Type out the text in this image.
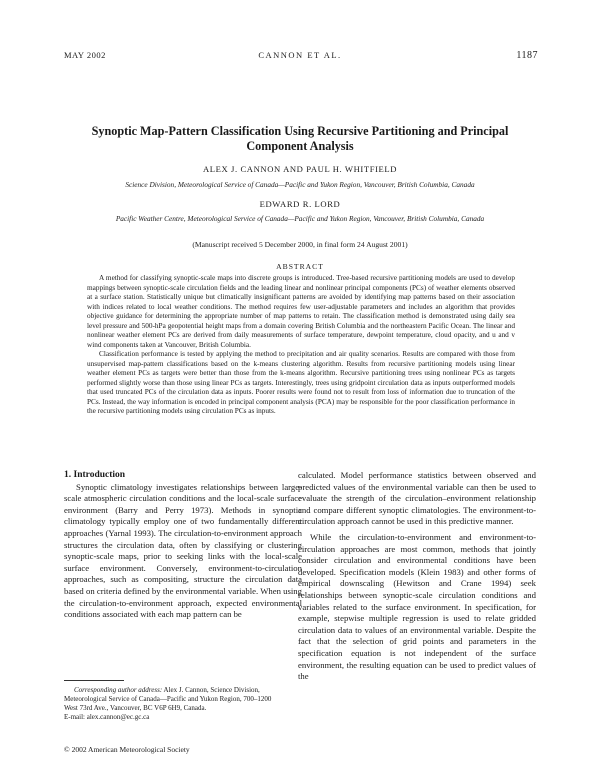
MAY 2002	CANNON ET AL.	1187
Synoptic Map-Pattern Classification Using Recursive Partitioning and Principal Component Analysis
ALEX J. CANNON AND PAUL H. WHITFIELD
Science Division, Meteorological Service of Canada—Pacific and Yukon Region, Vancouver, British Columbia, Canada
EDWARD R. LORD
Pacific Weather Centre, Meteorological Service of Canada—Pacific and Yukon Region, Vancouver, British Columbia, Canada
(Manuscript received 5 December 2000, in final form 24 August 2001)
ABSTRACT

A method for classifying synoptic-scale maps into discrete groups is introduced. Tree-based recursive partitioning models are used to develop mappings between synoptic-scale circulation fields and the leading linear and nonlinear principal components (PCs) of weather elements observed at a surface station. Statistically unique but climatically insignificant patterns are avoided by identifying map patterns based on their association with indices related to local weather conditions. The method requires few user-adjustable parameters and includes an algorithm that provides objective guidance for determining the appropriate number of map patterns to retain. The classification method is demonstrated using daily sea level pressure and 500-hPa geopotential height maps from a domain covering British Columbia and the northeastern Pacific Ocean. The linear and nonlinear weather element PCs are derived from daily measurements of surface temperature, dewpoint temperature, cloud opacity, and u and v wind components taken at Vancouver, British Columbia.

Classification performance is tested by applying the method to precipitation and air quality scenarios. Results are compared with those from unsupervised map-pattern classifications based on the k-means clustering algorithm. Results from recursive partitioning models using linear weather element PCs as targets were better than those from the k-means algorithm. Recursive partitioning trees using nonlinear PCs as targets performed slightly worse than those using linear PCs as targets. Interestingly, trees using gridpoint circulation data as inputs outperformed models that used truncated PCs of the circulation data as inputs. Poorer results were found not to result from loss of information due to truncation of the PCs. Instead, the way information is encoded in principal component analysis (PCA) may be responsible for the poor classification performance in the recursive partitioning models using circulation PCs as inputs.

1. Introduction

Synoptic climatology investigates relationships between large-scale atmospheric circulation conditions and the local-scale surface environment (Barry and Perry 1973). Methods in synoptic climatology typically employ one of two fundamentally different approaches (Yarnal 1993). The circulation-to-environment approach structures the circulation data, often by classifying or clustering synoptic-scale maps, prior to seeking links with the local-scale surface environment. Conversely, environment-to-circulation approaches, such as compositing, structure the circulation data based on criteria defined by the environmental variable. When using the circulation-to-environment approach, expected environmental conditions associated with each map pattern can be

calculated. Model performance statistics between observed and predicted values of the environmental variable can then be used to evaluate the strength of the circulation–environment relationship and compare different synoptic climatologies. The environment-to-circulation approach cannot be used in this predictive manner.

While the circulation-to-environment and environment-to-circulation approaches are most common, methods that jointly consider circulation and environmental conditions have been developed. Specification models (Klein 1983) and other forms of empirical downscaling (Hewitson and Crane 1994) seek relationships between synoptic-scale circulation conditions and variables related to the surface environment. In specification, for example, stepwise multiple regression is used to relate gridded circulation data to values of an environmental variable. Despite the fact that the selection of grid points and parameters in the specification equation is not independent of the surface environment, the resulting equation can be used to predict values of the

Corresponding author address: Alex J. Cannon, Science Division, Meteorological Service of Canada—Pacific and Yukon Region, 700–1200 West 73rd Ave., Vancouver, BC V6P 6H9, Canada.
E-mail: alex.cannon@ec.gc.ca
© 2002 American Meteorological Society
